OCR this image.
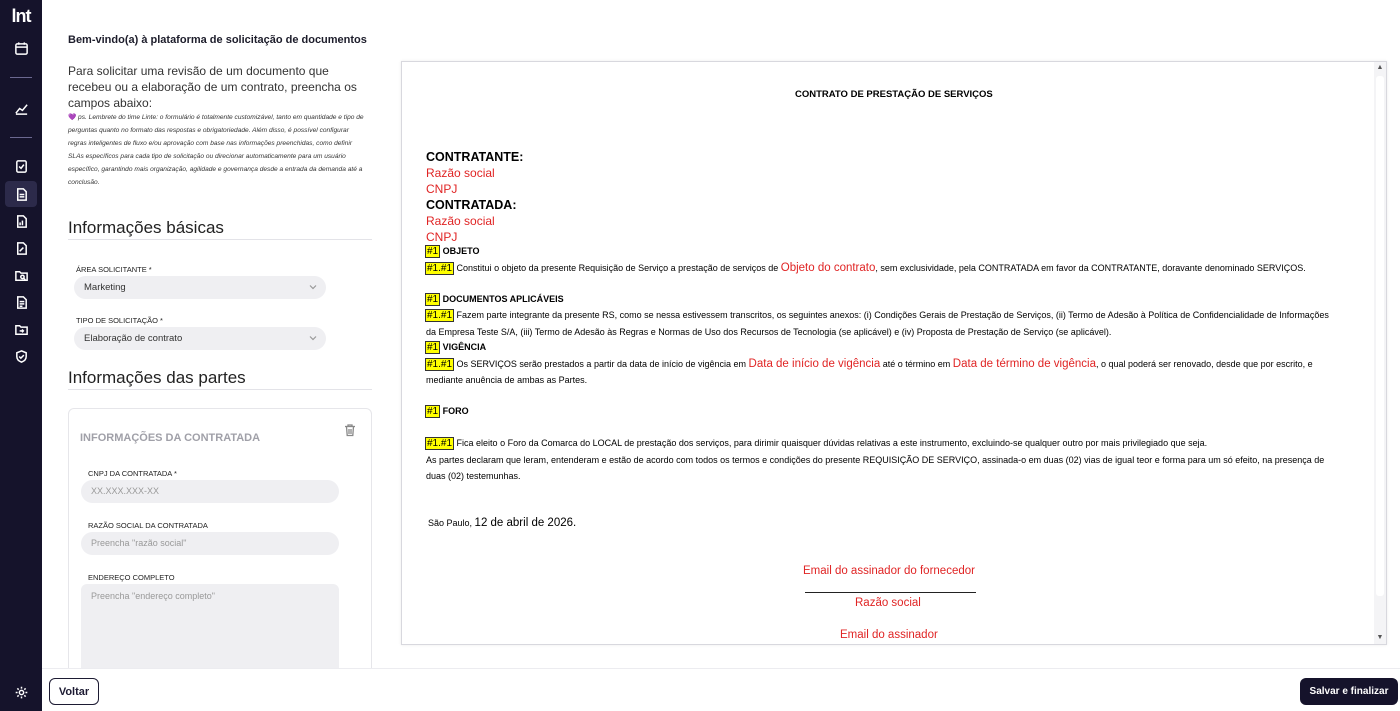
lnt
Bem-vindo(a) à plataforma de solicitação de documentos
Para solicitar uma revisão de um documento que recebeu ou a elaboração de um contrato, preencha os campos abaixo:
💜 ps. Lembrete do time Linte: o formulário é totalmente customizável, tanto em quantidade e tipo de perguntas quanto no formato das respostas e obrigatoriedade. Além disso, é possível configurar regras inteligentes de fluxo e/ou aprovação com base nas informações preenchidas, como definir SLAs específicos para cada tipo de solicitação ou direcionar automaticamente para um usuário específico, garantindo mais organização, agilidade e governança desde a entrada da demanda até a conclusão.
Informações básicas
ÁREA SOLICITANTE *
Marketing
TIPO DE SOLICITAÇÃO *
Elaboração de contrato
Informações das partes
INFORMAÇÕES DA CONTRATADA
CNPJ DA CONTRATADA *
XX.XXX.XXX-XX
RAZÃO SOCIAL DA CONTRATADA
Preencha "razão social"
ENDEREÇO COMPLETO
Preencha "endereço completo"
CONTRATO DE PRESTAÇÃO DE SERVIÇOS
CONTRATANTE:
Razão social
CNPJ
CONTRATADA:
Razão social
CNPJ
#1 OBJETO
#1.#1 Constitui o objeto da presente Requisição de Serviço a prestação de serviços de Objeto do contrato, sem exclusividade, pela CONTRATADA em favor da CONTRATANTE, doravante denominado SERVIÇOS.
#1 DOCUMENTOS APLICÁVEIS
#1.#1 Fazem parte integrante da presente RS, como se nessa estivessem transcritos, os seguintes anexos: (i) Condições Gerais de Prestação de Serviços, (ii) Termo de Adesão à Política de Confidencialidade de Informações
da Empresa Teste S/A, (iii) Termo de Adesão às Regras e Normas de Uso dos Recursos de Tecnologia (se aplicável) e (iv) Proposta de Prestação de Serviço (se aplicável).
#1 VIGÊNCIA
#1.#1 Os SERVIÇOS serão prestados a partir da data de início de vigência em Data de início de vigência até o término em Data de término de vigência, o qual poderá ser renovado, desde que por escrito, e
mediante anuência de ambas as Partes.
#1 FORO
#1.#1 Fica eleito o Foro da Comarca do LOCAL de prestação dos serviços, para dirimir quaisquer dúvidas relativas a este instrumento, excluindo-se qualquer outro por mais privilegiado que seja.
As partes declaram que leram, entenderam e estão de acordo com todos os termos e condições do presente REQUISIÇÃO DE SERVIÇO, assinada-o em duas (02) vias de igual teor e forma para um só efeito, na presença de
duas (02) testemunhas.
São Paulo, 12 de abril de 2026.
Email do assinador do fornecedor
Razão social
Email do assinador
▲
▼
Voltar	Salvar e finalizar
